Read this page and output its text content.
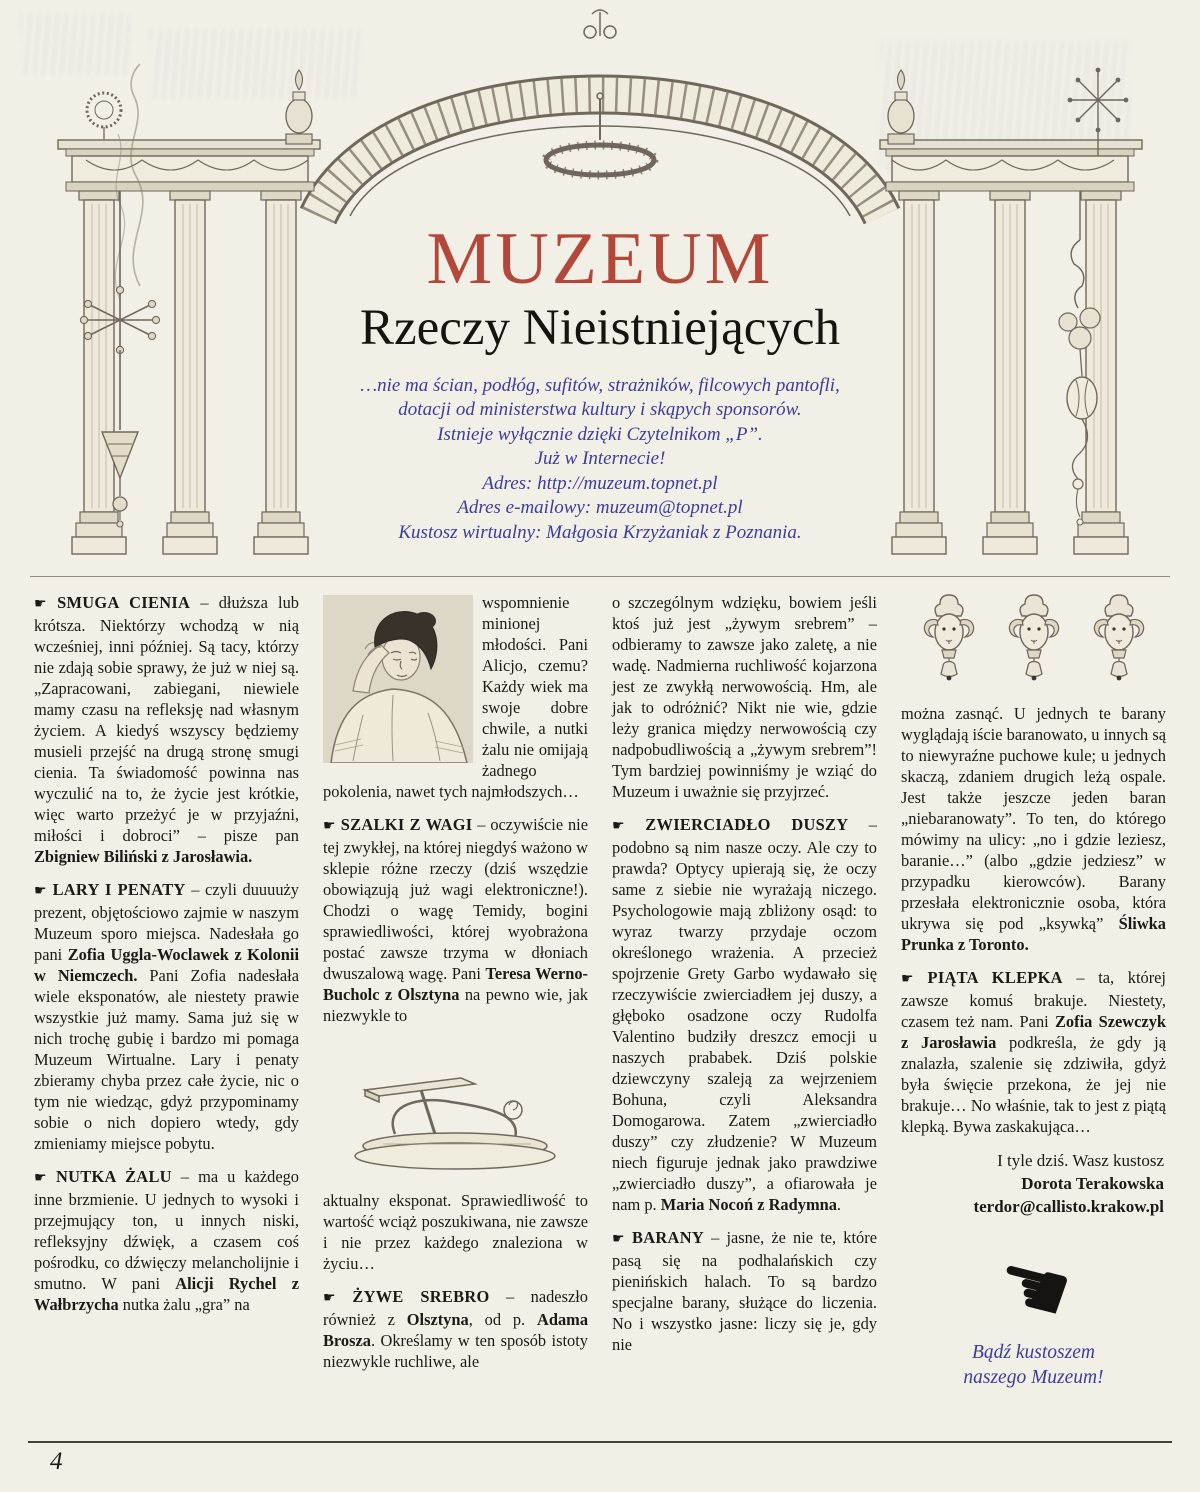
MUZEUM
Rzeczy Nieistniejących
…nie ma ścian, podłóg, sufitów, strażników, filcowych pantofli,
dotacji od ministerstwa kultury i skąpych sponsorów.
Istnieje wyłącznie dzięki Czytelnikom „P”.
Już w Internecie!
Adres: http://muzeum.topnet.pl
Adres e-mailowy: muzeum@topnet.pl
Kustosz wirtualny: Małgosia Krzyżaniak z Poznania.

☛ SMUGA CIENIA – dłuższa lub krótsza. Niektórzy wchodzą w nią wcześniej, inni później. Są tacy, którzy nie zdają sobie sprawy, że już w niej są. „Zapracowani, zabiegani, niewiele mamy czasu na refleksję nad własnym życiem. A kiedyś wszyscy będziemy musieli przejść na drugą stronę smugi cienia. Ta świadomość powinna nas wyczulić na to, że życie jest krótkie, więc warto przeżyć je w przyjaźni, miłości i dobroci” – pisze pan Zbigniew Biliński z Jarosławia.

☛ LARY I PENATY – czyli duuuuży prezent, objętościowo zajmie w naszym Muzeum sporo miejsca. Nadesłała go pani Zofia Uggla-Woclawek z Kolonii w Niemczech. Pani Zofia nadesłała wiele eksponatów, ale niestety prawie wszystkie już mamy. Sama już się w nich trochę gubię i bardzo mi pomaga Muzeum Wirtualne. Lary i penaty zbieramy chyba przez całe życie, nic o tym nie wiedząc, gdyż przypominamy sobie o nich dopiero wtedy, gdy zmieniamy miejsce pobytu.

☛ NUTKA ŻALU – ma u każdego inne brzmienie. U jednych to wysoki i przejmujący ton, u innych niski, refleksyjny dźwięk, a czasem coś pośrodku, co dźwięczy melancholijnie i smutno. W pani Alicji Rychel z Wałbrzycha nutka żalu „gra” na

wspomnienie minionej młodości. Pani Alicjo, czemu? Każdy wiek ma swoje dobre chwile, a nutki żalu nie omijają żadnego pokolenia, nawet tych najmłodszych…

☛ SZALKI Z WAGI – oczywiście nie tej zwykłej, na której niegdyś ważono w sklepie różne rzeczy (dziś wszędzie obowiązują już wagi elektroniczne!). Chodzi o wagę Temidy, bogini sprawiedliwości, której wyobrażona postać zawsze trzyma w dłoniach dwuszalową wagę. Pani Teresa Werno-Bucholc z Olsztyna na pewno wie, jak niezwykle to

aktualny eksponat. Sprawiedliwość to wartość wciąż poszukiwana, nie zawsze i nie przez każdego znaleziona w życiu…

☛ ŻYWE SREBRO – nadeszło również z Olsztyna, od p. Adama Brosza. Określamy w ten sposób istoty niezwykle ruchliwe, ale

o szczególnym wdzięku, bowiem jeśli ktoś już jest „żywym srebrem” – odbieramy to zawsze jako zaletę, a nie wadę. Nadmierna ruchliwość kojarzona jest ze zwykłą nerwowością. Hm, ale jak to odróżnić? Nikt nie wie, gdzie leży granica między nerwowością czy nadpobudliwością a „żywym srebrem”! Tym bardziej powinniśmy je wziąć do Muzeum i uważnie się przyjrzeć.

☛ ZWIERCIADŁO DUSZY – podobno są nim nasze oczy. Ale czy to prawda? Optycy upierają się, że oczy same z siebie nie wyrażają niczego. Psychologowie mają zbliżony osąd: to wyraz twarzy przydaje oczom określonego wrażenia. A przecież spojrzenie Grety Garbo wydawało się rzeczywiście zwierciadłem jej duszy, a głęboko osadzone oczy Rudolfa Valentino budziły dreszcz emocji u naszych prababek. Dziś polskie dziewczyny szaleją za wejrzeniem Bohuna, czyli Aleksandra Domogarowa. Zatem „zwierciadło duszy” czy złudzenie? W Muzeum niech figuruje jednak jako prawdziwe „zwierciadło duszy”, a ofiarowała je nam p. Maria Nocoń z Radymna.

☛ BARANY – jasne, że nie te, które pasą się na podhalańskich czy pienińskich halach. To są bardzo specjalne barany, służące do liczenia. No i wszystko jasne: liczy się je, gdy nie

można zasnąć. U jednych te barany wyglądają iście baranowato, u innych są to niewyraźne puchowe kule; u jednych skaczą, zdaniem drugich leżą ospale. Jest także jeszcze jeden baran „niebaranowaty”. To ten, do którego mówimy na ulicy: „no i gdzie leziesz, baranie…” (albo „gdzie jedziesz” w przypadku kierowców). Barany przesłała elektronicznie osoba, która ukrywa się pod „ksywką” Śliwka Prunka z Toronto.

☛ PIĄTA KLEPKA – ta, której zawsze komuś brakuje. Niestety, czasem też nam. Pani Zofia Szewczyk z Jarosławia podkreśla, że gdy ją znalazła, szalenie się zdziwiła, gdyż była święcie przekona, że jej nie brakuje… No właśnie, tak to jest z piątą klepką. Bywa zaskakująca…

I tyle dziś. Wasz kustosz
Dorota Terakowska
terdor@callisto.krakow.pl
☚
Bądź kustoszem
naszego Muzeum!
4
